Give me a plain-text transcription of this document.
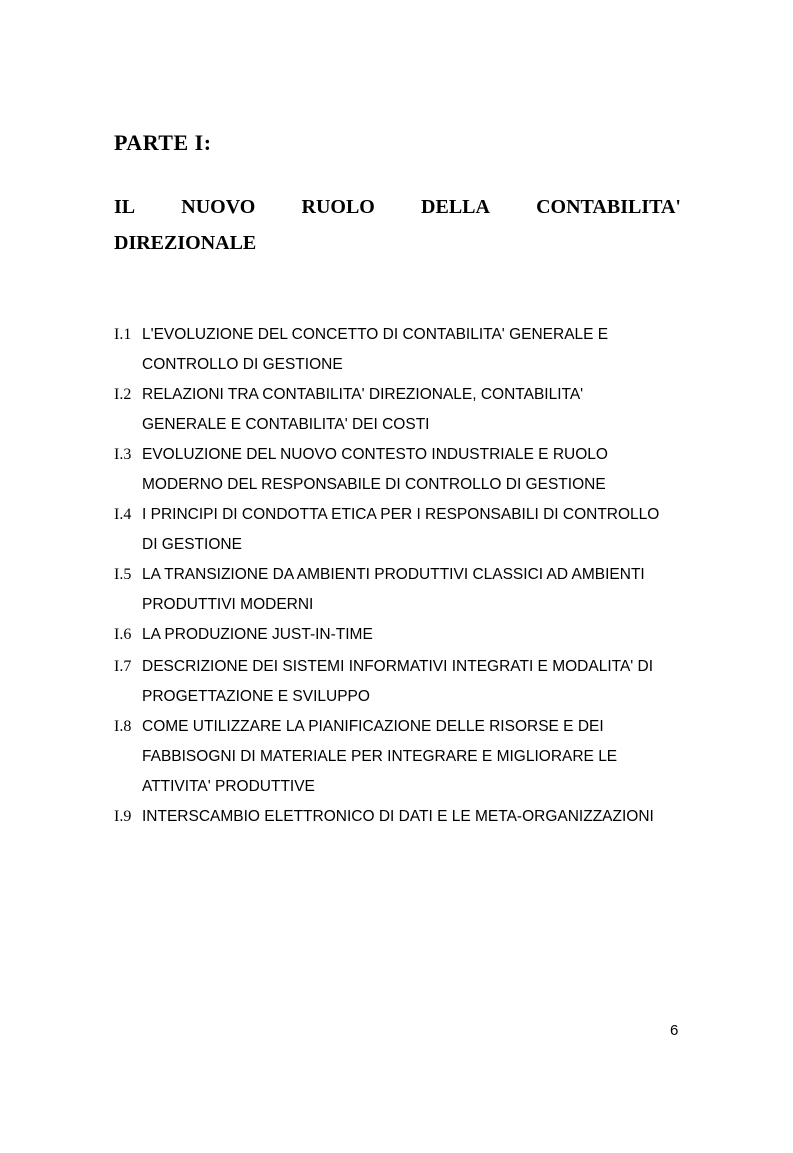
PARTE I:
IL NUOVO RUOLO DELLA CONTABILITA'
DIREZIONALE
I.1 L'EVOLUZIONE DEL CONCETTO DI CONTABILITA' GENERALE E
CONTROLLO DI GESTIONE
I.2 RELAZIONI TRA CONTABILITA' DIREZIONALE, CONTABILITA'
GENERALE E CONTABILITA' DEI COSTI
I.3 EVOLUZIONE DEL NUOVO CONTESTO INDUSTRIALE E RUOLO
MODERNO DEL RESPONSABILE DI CONTROLLO DI GESTIONE
I.4 I PRINCIPI DI CONDOTTA ETICA PER I RESPONSABILI DI CONTROLLO
DI GESTIONE
I.5 LA TRANSIZIONE DA AMBIENTI PRODUTTIVI CLASSICI AD AMBIENTI
PRODUTTIVI MODERNI
I.6 LA PRODUZIONE JUST-IN-TIME
I.7 DESCRIZIONE DEI SISTEMI INFORMATIVI INTEGRATI E MODALITA' DI
PROGETTAZIONE E SVILUPPO
I.8 COME UTILIZZARE LA PIANIFICAZIONE DELLE RISORSE E DEI
FABBISOGNI DI MATERIALE PER INTEGRARE E MIGLIORARE LE
ATTIVITA' PRODUTTIVE
I.9 INTERSCAMBIO ELETTRONICO DI DATI E LE META-ORGANIZZAZIONI
6
